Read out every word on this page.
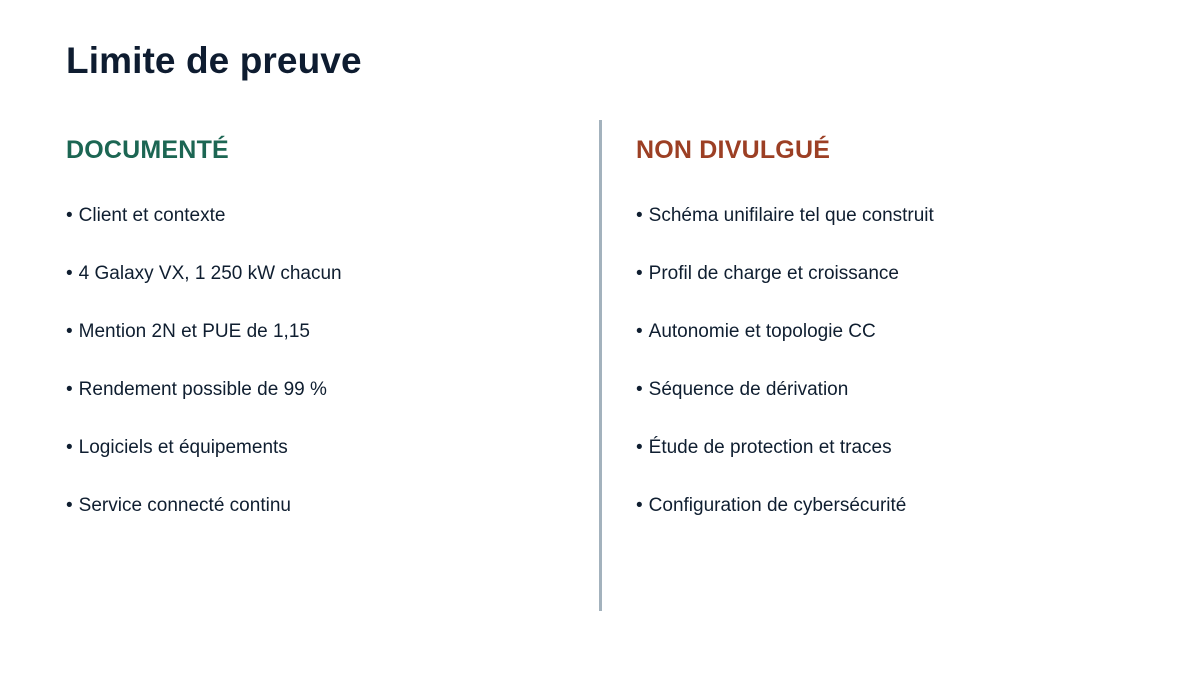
Limite de preuve
DOCUMENTÉ
• Client et contexte
• 4 Galaxy VX, 1 250 kW chacun
• Mention 2N et PUE de 1,15
• Rendement possible de 99 %
• Logiciels et équipements
• Service connecté continu
NON DIVULGUÉ
• Schéma unifilaire tel que construit
• Profil de charge et croissance
• Autonomie et topologie CC
• Séquence de dérivation
• Étude de protection et traces
• Configuration de cybersécurité
